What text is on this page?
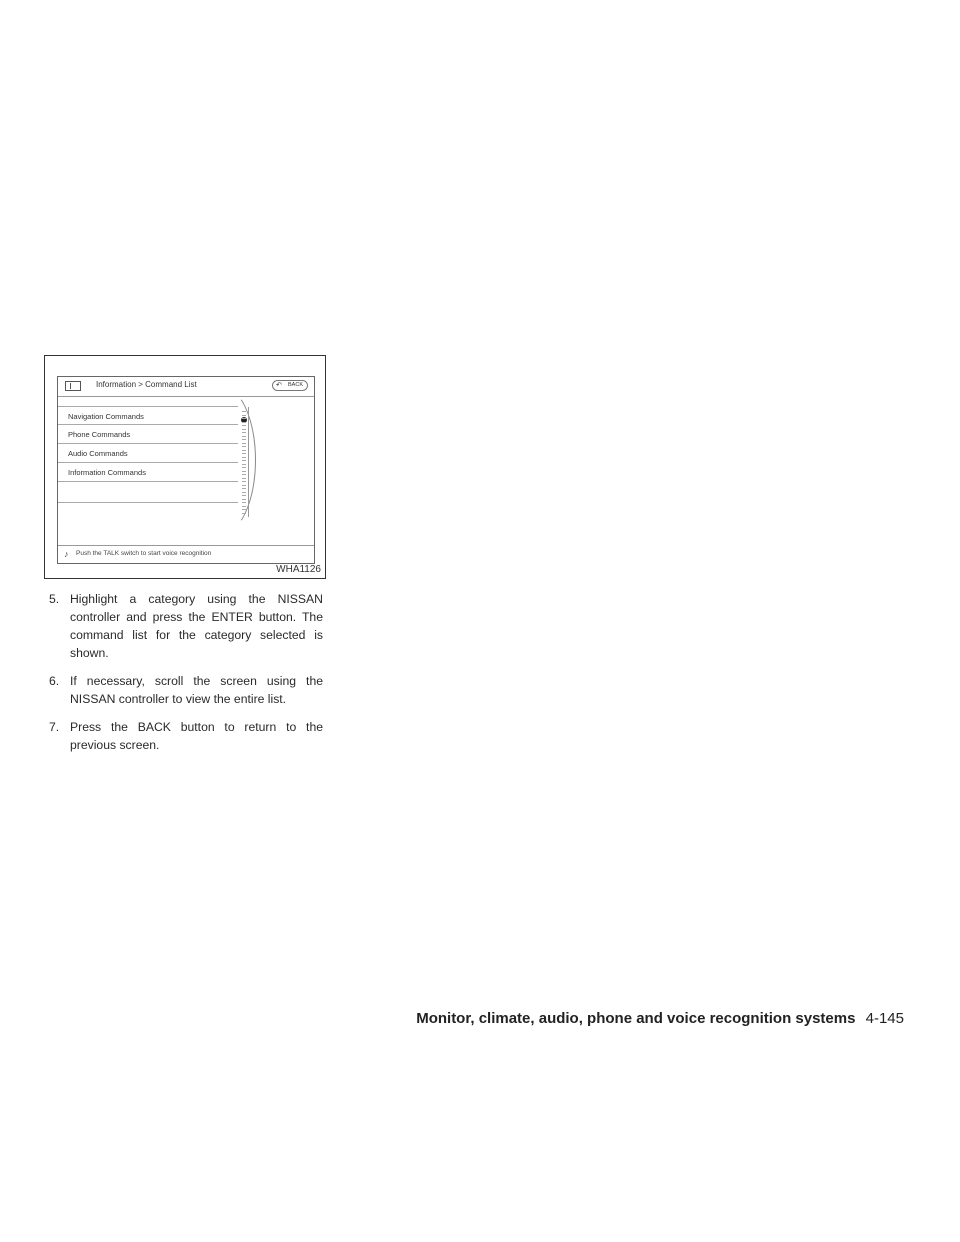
Information > Command List	↶ BACK
Navigation Commands
Phone Commands
Audio Commands
Information Commands
♪ Push the TALK switch to start voice recognition
WHA1126
5. Highlight a category using the NISSAN controller and press the ENTER button. The command list for the category selected is shown.
6. If necessary, scroll the screen using the NISSAN controller to view the entire list.
7. Press the BACK button to return to the previous screen.
Monitor, climate, audio, phone and voice recognition systems 4-145
